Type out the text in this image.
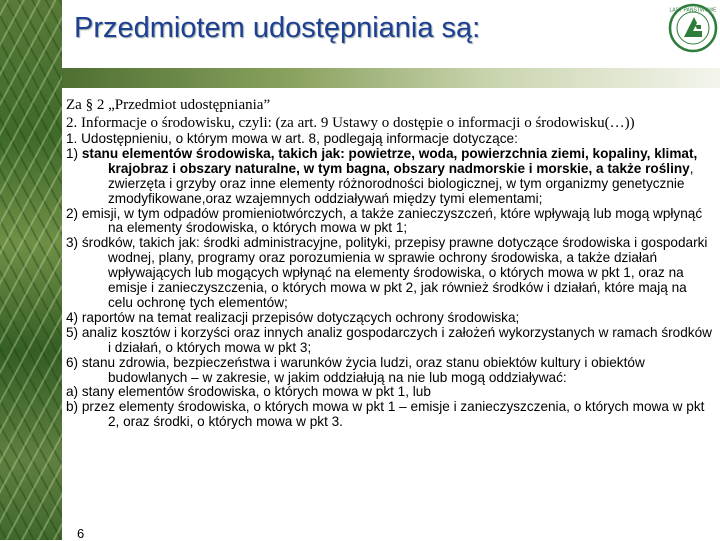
Przedmiotem udostępniania są:
LASY PAŃSTWOWE
Za § 2 „Przedmiot udostępniania”
2. Informacje o środowisku, czyli: (za art. 9 Ustawy o dostępie o informacji o środowisku(…))
1. Udostępnieniu, o którym mowa w art. 8, podlegają informacje dotyczące:
1) stanu elementów środowiska, takich jak: powietrze, woda, powierzchnia ziemi, kopaliny, klimat, krajobraz i obszary naturalne, w tym bagna, obszary nadmorskie i morskie, a także rośliny, zwierzęta i grzyby oraz inne elementy różnorodności biologicznej, w tym organizmy genetycznie zmodyfikowane,oraz wzajemnych oddziaływań między tymi elementami;
2) emisji, w tym odpadów promieniotwórczych, a także zanieczyszczeń, które wpływają lub mogą wpłynąć na elementy środowiska, o których mowa w pkt 1;
3) środków, takich jak: środki administracyjne, polityki, przepisy prawne dotyczące środowiska i gospodarki wodnej, plany, programy oraz porozumienia w sprawie ochrony środowiska, a także działań wpływających lub mogących wpłynąć na elementy środowiska, o których mowa w pkt 1, oraz na emisje i zanieczyszczenia, o których mowa w pkt 2, jak również środków i działań, które mają na celu ochronę tych elementów;
4) raportów na temat realizacji przepisów dotyczących ochrony środowiska;
5) analiz kosztów i korzyści oraz innych analiz gospodarczych i założeń wykorzystanych w ramach środków i działań, o których mowa w pkt 3;
6) stanu zdrowia, bezpieczeństwa i warunków życia ludzi, oraz stanu obiektów kultury i obiektów budowlanych – w zakresie, w jakim oddziałują na nie lub mogą oddziaływać:
a) stany elementów środowiska, o których mowa w pkt 1, lub
b) przez elementy środowiska, o których mowa w pkt 1 – emisje i zanieczyszczenia, o których mowa w pkt 2, oraz środki, o których mowa w pkt 3.
6
